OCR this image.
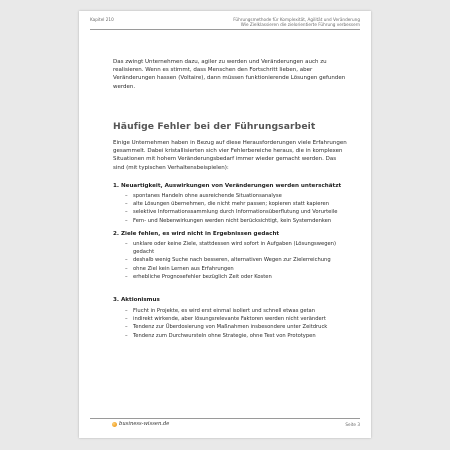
Kapitel 210	Führungsmethode für Komplexität, Agilität und Veränderung
Wie Zielklassieren die zielorientierte Führung verbessern

Das zwingt Unternehmen dazu, agiler zu werden und Veränderungen auch zu realisieren. Wenn es stimmt, dass Menschen den Fortschritt lieben, aber Veränderungen hassen (Voltaire), dann müssen funktionierende Lösungen gefunden werden.

Häufige Fehler bei der Führungsarbeit
Einige Unternehmen haben in Bezug auf diese Herausforderungen viele Erfahrungen gesammelt. Dabei kristallisierten sich vier Fehlerbereiche heraus, die in komplexen Situationen mit hohem Veränderungsbedarf immer wieder gemacht werden. Das sind (mit typischen Verhaltensbeispielen):
1. Neuartigkeit, Auswirkungen von Veränderungen werden unterschätzt
– spontanes Handeln ohne ausreichende Situationsanalyse
– alte Lösungen übernehmen, die nicht mehr passen; kopieren statt kapieren
– selektive Informationssammlung durch Informationsüberflutung und Vorurteile
– Fern- und Nebenwirkungen werden nicht berücksichtigt, kein Systemdenken
2. Ziele fehlen, es wird nicht in Ergebnissen gedacht
– unklare oder keine Ziele, stattdessen wird sofort in Aufgaben (Lösungswegen) gedacht
– deshalb wenig Suche nach besseren, alternativen Wegen zur Zielerreichung
– ohne Ziel kein Lernen aus Erfahrungen
– erhebliche Prognosefehler bezüglich Zeit oder Kosten
3. Aktionismus
– Flucht in Projekte, es wird erst einmal isoliert und schnell etwas getan
– indirekt wirkende, aber lösungsrelevante Faktoren werden nicht verändert
– Tendenz zur Überdosierung von Maßnahmen insbesondere unter Zeitdruck
– Tendenz zum Durchwursteln ohne Strategie, ohne Test von Prototypen
business-wissen.de	Seite 3
